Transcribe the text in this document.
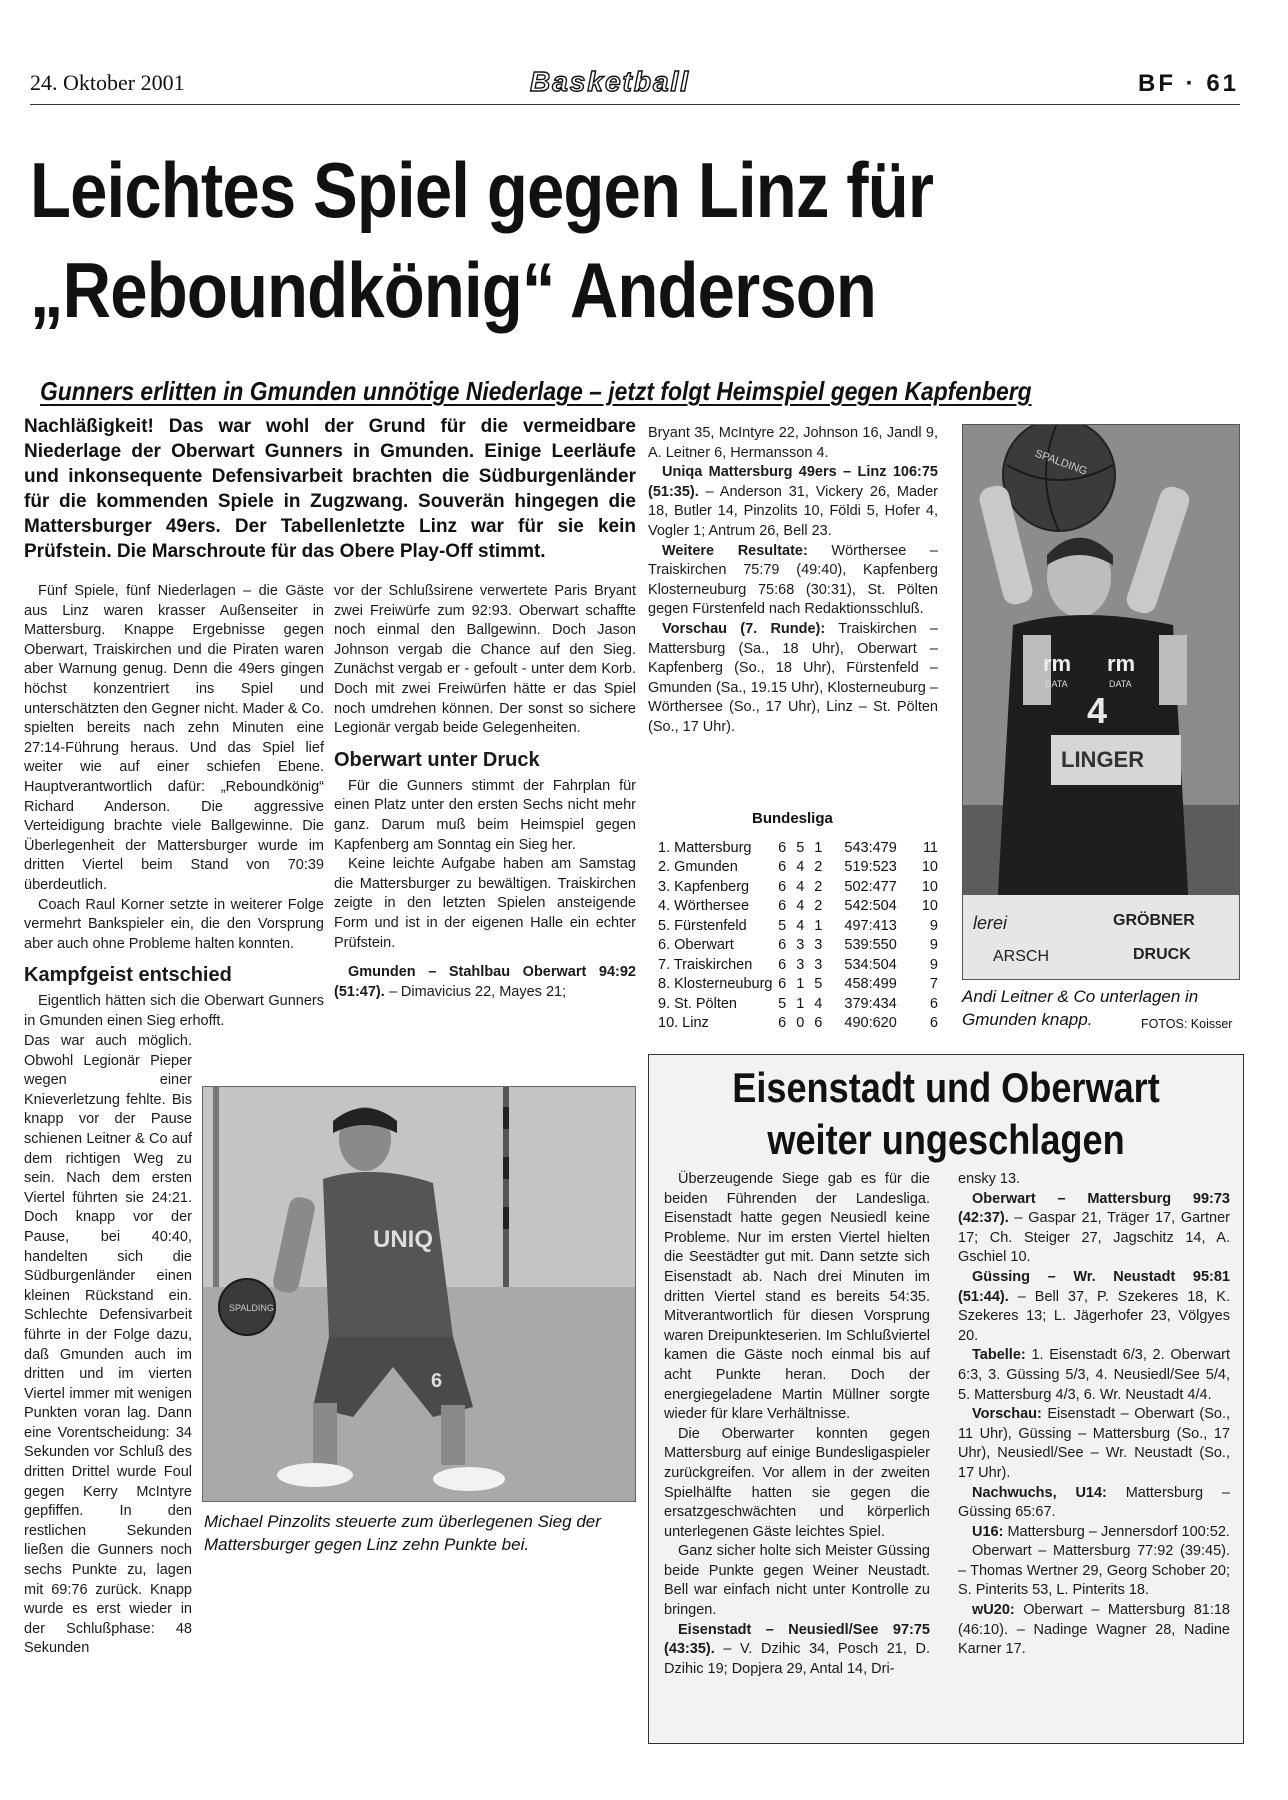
24. Oktober 2001	Basketball	BF · 61
Leichtes Spiel gegen Linz für
„Reboundkönig“ Anderson
Gunners erlitten in Gmunden unnötige Niederlage – jetzt folgt Heimspiel gegen Kapfenberg
Nachläßigkeit! Das war wohl der Grund für die vermeidbare Niederlage der Oberwart Gunners in Gmunden. Einige Leerläufe und inkonsequente Defensivarbeit brachten die Südburgenländer für die kommenden Spiele in Zugzwang. Souverän hingegen die Mattersburger 49ers. Der Tabellenletzte Linz war für sie kein Prüfstein. Die Marschroute für das Obere Play-Off stimmt.

Fünf Spiele, fünf Niederlagen – die Gäste aus Linz waren krasser Außenseiter in Mattersburg. Knappe Ergebnisse gegen Oberwart, Traiskirchen und die Piraten waren aber Warnung genug. Denn die 49ers gingen höchst konzentriert ins Spiel und unterschätzten den Gegner nicht. Mader & Co. spielten bereits nach zehn Minuten eine 27:14-Führung heraus. Und das Spiel lief weiter wie auf einer schiefen Ebene. Hauptverantwortlich dafür: „Reboundkönig“ Richard Anderson. Die aggressive Verteidigung brachte viele Ballgewinne. Die Überlegenheit der Mattersburger wurde im dritten Viertel beim Stand von 70:39 überdeutlich.

Coach Raul Korner setzte in weiterer Folge vermehrt Bankspieler ein, die den Vorsprung aber auch ohne Probleme halten konnten.

Kampfgeist entschied

Eigentlich hätten sich die Oberwart Gunners in Gmunden einen Sieg erhofft.

Das war auch möglich. Obwohl Legionär Pieper wegen einer Knieverletzung fehlte. Bis knapp vor der Pause schienen Leitner & Co auf dem richtigen Weg zu sein. Nach dem ersten Viertel führten sie 24:21. Doch knapp vor der Pause, bei 40:40, handelten sich die Südburgenländer einen kleinen Rückstand ein. Schlechte Defensivarbeit führte in der Folge dazu, daß Gmunden auch im dritten und im vierten Viertel immer mit wenigen Punkten voran lag. Dann eine Vorentscheidung: 34 Sekunden vor Schluß des dritten Drittel wurde Foul gegen Kerry McIntyre gepfiffen. In den restlichen Sekunden ließen die Gunners noch sechs Punkte zu, lagen mit 69:76 zurück. Knapp wurde es erst wieder in der Schlußphase: 48 Sekunden

vor der Schlußsirene verwertete Paris Bryant zwei Freiwürfe zum 92:93. Oberwart schaffte noch einmal den Ballgewinn. Doch Jason Johnson vergab die Chance auf den Sieg. Zunächst vergab er - gefoult - unter dem Korb. Doch mit zwei Freiwürfen hätte er das Spiel noch umdrehen können. Der sonst so sichere Legionär vergab beide Gelegenheiten.

Oberwart unter Druck

Für die Gunners stimmt der Fahrplan für einen Platz unter den ersten Sechs nicht mehr ganz. Darum muß beim Heimspiel gegen Kapfenberg am Sonntag ein Sieg her.

Keine leichte Aufgabe haben am Samstag die Mattersburger zu bewältigen. Traiskirchen zeigte in den letzten Spielen ansteigende Form und ist in der eigenen Halle ein echter Prüfstein.

Gmunden – Stahlbau Oberwart 94:92 (51:47). – Dimavicius 22, Mayes 21;

Bryant 35, McIntyre 22, Johnson 16, Jandl 9, A. Leitner 6, Hermansson 4.

Uniqa Mattersburg 49ers – Linz 106:75 (51:35). – Anderson 31, Vickery 26, Mader 18, Butler 14, Pinzolits 10, Földi 5, Hofer 4, Vogler 1; Antrum 26, Bell 23.

Weitere Resultate: Wörthersee – Traiskirchen 75:79 (49:40), Kapfenberg Klosterneuburg 75:68 (30:31), St. Pölten gegen Fürstenfeld nach Redaktionsschluß.

Vorschau (7. Runde): Traiskirchen – Mattersburg (Sa., 18 Uhr), Oberwart – Kapfenberg (So., 18 Uhr), Fürstenfeld – Gmunden (Sa., 19.15 Uhr), Klosterneuburg – Wörthersee (So., 17 Uhr), Linz – St. Pölten (So., 17 Uhr).

Bundesliga
1. Mattersburg	6	5	1	543:479	11
2. Gmunden	6	4	2	519:523	10
3. Kapfenberg	6	4	2	502:477	10
4. Wörthersee	6	4	2	542:504	10
5. Fürstenfeld	5	4	1	497:413	9
6. Oberwart	6	3	3	539:550	9
7. Traiskirchen	6	3	3	534:504	9
8. Klosterneuburg	6	1	5	458:499	7
9. St. Pölten	5	1	4	379:434	6
10. Linz	6	0	6	490:620	6
SPALDING
rm rm
DATA	DATA
4
LINGER
lerei	GRÖBNER
ARSCH	DRUCK
Andi Leitner & Co unterlagen in Gmunden knapp.	FOTOS: Koisser
UNIQ
SPALDING
6
Michael Pinzolits steuerte zum überlegenen Sieg der Mattersburger gegen Linz zehn Punkte bei.
Eisenstadt und Oberwart
weiter ungeschlagen

Überzeugende Siege gab es für die beiden Führenden der Landesliga. Eisenstadt hatte gegen Neusiedl keine Probleme. Nur im ersten Viertel hielten die Seestädter gut mit. Dann setzte sich Eisenstadt ab. Nach drei Minuten im dritten Viertel stand es bereits 54:35. Mitverantwortlich für diesen Vorsprung waren Dreipunkteserien. Im Schlußviertel kamen die Gäste noch einmal bis auf acht Punkte heran. Doch der energiegeladene Martin Müllner sorgte wieder für klare Verhältnisse.

Die Oberwarter konnten gegen Mattersburg auf einige Bundesligaspieler zurückgreifen. Vor allem in der zweiten Spielhälfte hatten sie gegen die ersatzgeschwächten und körperlich unterlegenen Gäste leichtes Spiel.

Ganz sicher holte sich Meister Güssing beide Punkte gegen Weiner Neustadt. Bell war einfach nicht unter Kontrolle zu bringen.

Eisenstadt – Neusiedl/See 97:75 (43:35). – V. Dzihic 34, Posch 21, D. Dzihic 19; Dopjera 29, Antal 14, Dri-

ensky 13.

Oberwart – Mattersburg 99:73 (42:37). – Gaspar 21, Träger 17, Gartner 17; Ch. Steiger 27, Jagschitz 14, A. Gschiel 10.

Güssing – Wr. Neustadt 95:81 (51:44). – Bell 37, P. Szekeres 18, K. Szekeres 13; L. Jägerhofer 23, Völgyes 20.

Tabelle: 1. Eisenstadt 6/3, 2. Oberwart 6:3, 3. Güssing 5/3, 4. Neusiedl/See 5/4, 5. Mattersburg 4/3, 6. Wr. Neustadt 4/4.

Vorschau: Eisenstadt – Oberwart (So., 11 Uhr), Güssing – Mattersburg (So., 17 Uhr), Neusiedl/See – Wr. Neustadt (So., 17 Uhr).

Nachwuchs, U14: Mattersburg – Güssing 65:67.

U16: Mattersburg – Jennersdorf 100:52.

Oberwart – Mattersburg 77:92 (39:45). – Thomas Wertner 29, Georg Schober 20; S. Pinterits 53, L. Pinterits 18.

wU20: Oberwart – Mattersburg 81:18 (46:10). – Nadinge Wagner 28, Nadine Karner 17.
